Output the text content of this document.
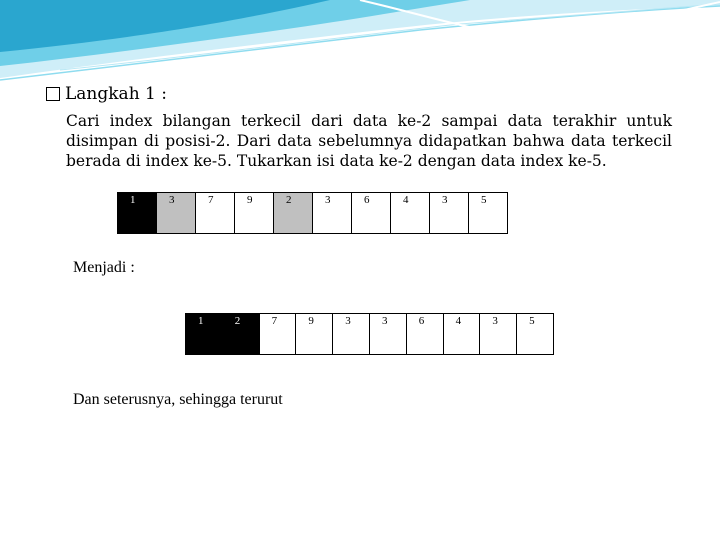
Langkah 1 :
Cari index bilangan terkecil dari data ke-2 sampai data terakhir untuk
disimpan di posisi-2. Dari data sebelumnya didapatkan bahwa data terkecil
berada di index ke-5. Tukarkan isi data ke-2 dengan data index ke-5.
1	3	7	9	2	3	6	4	3	5
Menjadi :
1	2	7	9	3	3	6	4	3	5
Dan seterusnya, sehingga terurut
